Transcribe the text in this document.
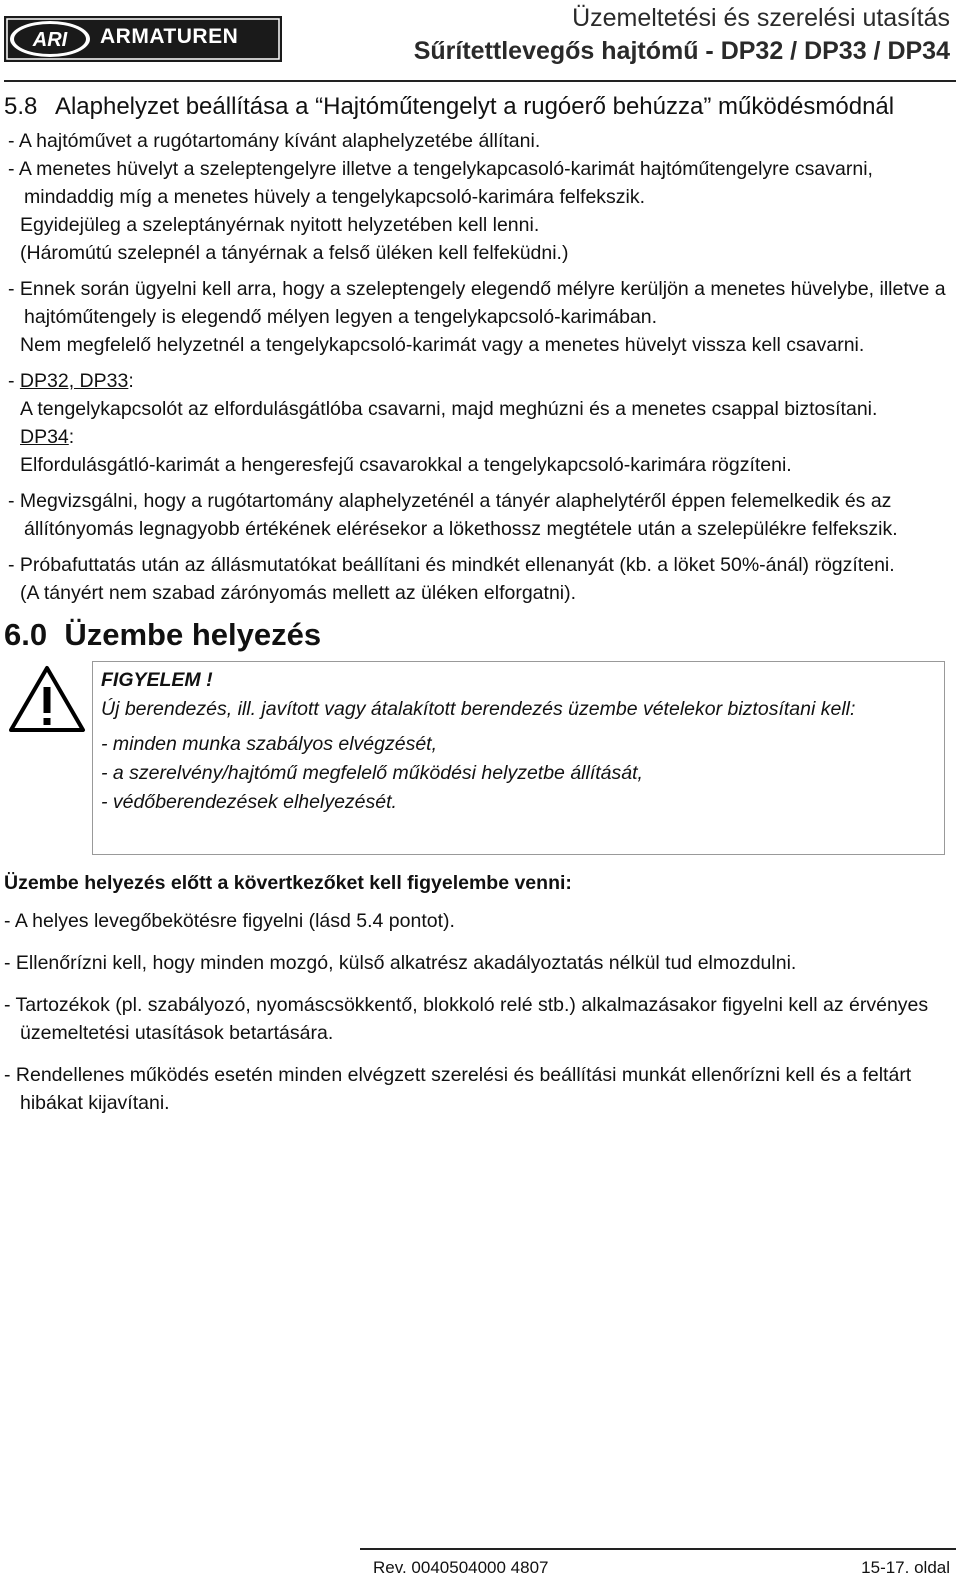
ARI ARMATUREN
Üzemeltetési és szerelési utasítás
Sűrítettlevegős hajtómű - DP32 / DP33 / DP34
5.8 Alaphelyzet beállítása a “Hajtóműtengelyt a rugóerő behúzza” működésmódnál

- A hajtóművet a rugótartomány kívánt alaphelyzetébe állítani.

- A menetes hüvelyt a szeleptengelyre illetve a tengelykapcasoló-karimát hajtóműtengelyre csavarni, mindaddig míg a menetes hüvely a tengelykapcsoló-karimára felfekszik.

Egyidejüleg a szeleptányérnak nyitott helyzetében kell lenni.

(Háromútú szelepnél a tányérnak a felső üléken kell felfeküdni.)

- Ennek során ügyelni kell arra, hogy a szeleptengely elegendő mélyre kerüljön a menetes hüvelybe, illetve a hajtóműtengely is elegendő mélyen legyen a tengelykapcsoló-karimában.

Nem megfelelő helyzetnél a tengelykapcsoló-karimát vagy a menetes hüvelyt vissza kell csavarni.

- DP32, DP33:

A tengelykapcsolót az elfordulásgátlóba csavarni, majd meghúzni és a menetes csappal biztosítani.

DP34:

Elfordulásgátló-karimát a hengeresfejű csavarokkal a tengelykapcsoló-karimára rögzíteni.

- Megvizsgálni, hogy a rugótartomány alaphelyzeténél a tányér alaphelytéről éppen felemelkedik és az állítónyomás legnagyobb értékének elérésekor a lökethossz megtétele után a szelepülékre felfekszik.

- Próbafuttatás után az állásmutatókat beállítani és mindkét ellenanyát (kb. a löket 50%-ánál) rögzíteni.

(A tányért nem szabad zárónyomás mellett az üléken elforgatni).

6.0 Üzembe helyezés

FIGYELEM !

Új berendezés, ill. javított vagy átalakított berendezés üzembe vételekor biztosítani kell:

- minden munka szabályos elvégzését,

- a szerelvény/hajtómű megfelelő működési helyzetbe állítását,

- védőberendezések elhelyezését.

Üzembe helyezés előtt a kövertkezőket kell figyelembe venni:

- A helyes levegőbekötésre figyelni (lásd 5.4 pontot).

- Ellenőrízni kell, hogy minden mozgó, külső alkatrész akadályoztatás nélkül tud elmozdulni.

- Tartozékok (pl. szabályozó, nyomáscsökkentő, blokkoló relé stb.) alkalmazásakor figyelni kell az érvényes üzemeltetési utasítások betartására.

- Rendellenes működés esetén minden elvégzett szerelési és beállítási munkát ellenőrízni kell és a feltárt hibákat kijavítani.

Rev. 0040504000 4807	15-17. oldal
